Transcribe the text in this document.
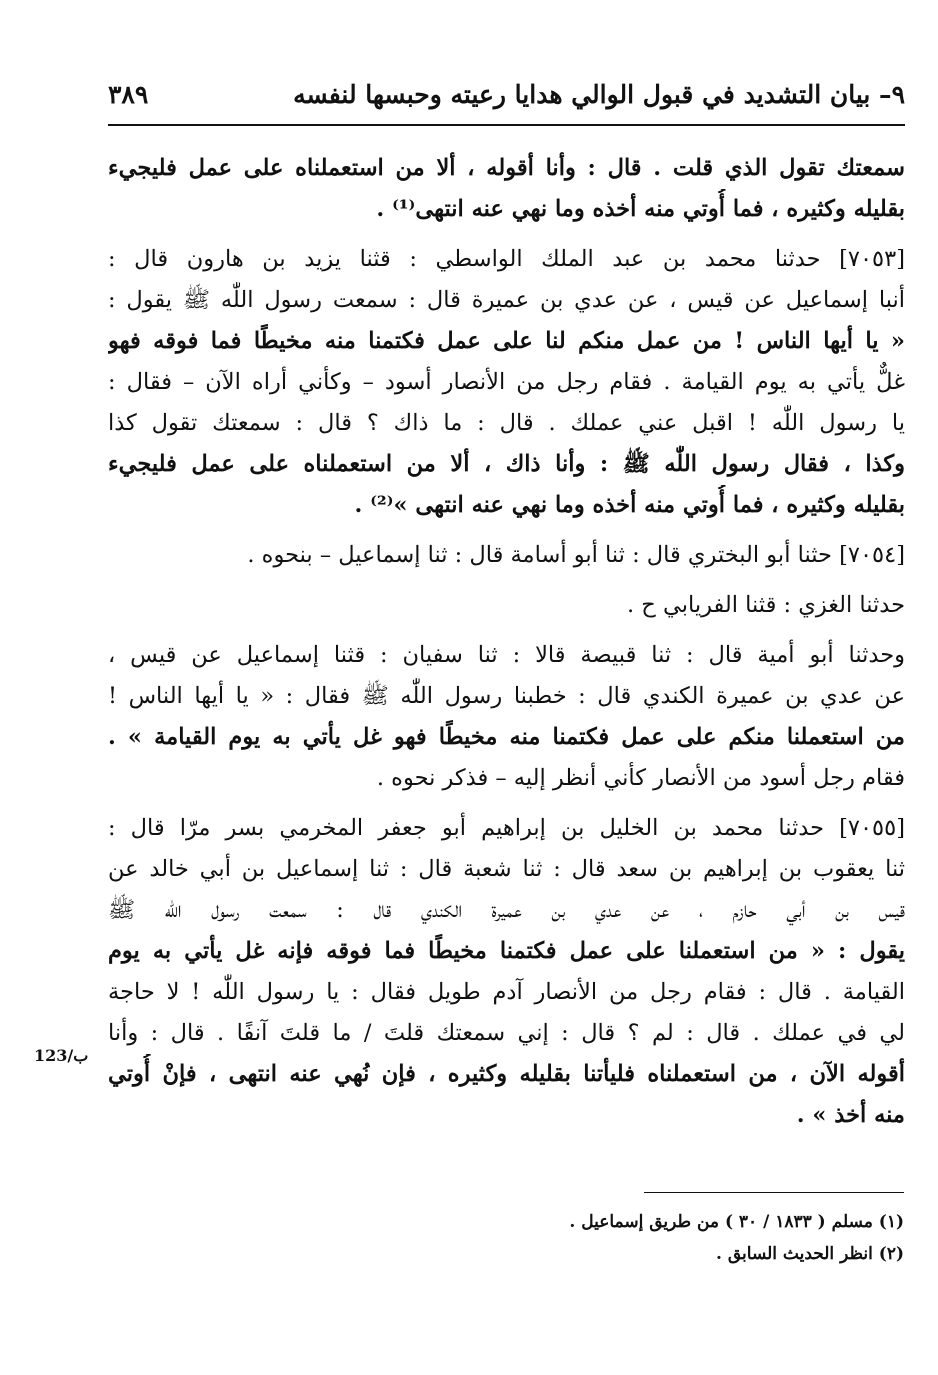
٩– بيان التشديد في قبول الوالي هدايا رعيته وحبسها لنفسه
٣٨٩
سمعتك تقول الذي قلت . قال : وأنا أقوله ، ألا من استعملناه على عمل فليجيء
بقليله وكثيره ، فما أُوتي منه أخذه وما نهي عنه انتهى⁽¹⁾ .
[٧٠٥٣] حدثنا محمد بن عبد الملك الواسطي : قثنا يزيد بن هارون قال :
أنبا إسماعيل عن قيس ، عن عدي بن عميرة قال : سمعت رسول اللّٰه ﷺ يقول :
« يا أيها الناس ! من عمل منكم لنا على عمل فكتمنا منه مخيطًا فما فوقه فهو
غلٌّ يأتي به يوم القيامة . فقام رجل من الأنصار أسود – وكأني أراه الآن – فقال :
يا رسول اللّٰه ! اقبل عني عملك . قال : ما ذاك ؟ قال : سمعتك تقول كذا
وكذا ، فقال رسول اللّٰه ﷺ : وأنا ذاك ، ألا من استعملناه على عمل فليجيء
بقليله وكثيره ، فما أُوتي منه أخذه وما نهي عنه انتهى »⁽²⁾ .
[٧٠٥٤] حثنا أبو البختري قال : ثنا أبو أسامة قال : ثنا إسماعيل – بنحوه .
حدثنا الغزي : قثنا الفريابي ح .
وحدثنا أبو أمية قال : ثنا قبيصة قالا : ثنا سفيان : قثنا إسماعيل عن قيس ،
عن عدي بن عميرة الكندي قال : خطبنا رسول اللّٰه ﷺ فقال : « يا أيها الناس !
من استعملنا منكم على عمل فكتمنا منه مخيطًا فهو غل يأتي به يوم القيامة » .
فقام رجل أسود من الأنصار كأني أنظر إليه – فذكر نحوه .
[٧٠٥٥] حدثنا محمد بن الخليل بن إبراهيم أبو جعفر المخرمي بسر مرّا قال :
ثنا يعقوب بن إبراهيم بن سعد قال : ثنا شعبة قال : ثنا إسماعيل بن أبي خالد عن
قيس بن أبي حازم ، عن عدي بن عميرة الكندي قال : سمعت رسول اللّٰه ﷺ
يقول : « من استعملنا على عمل فكتمنا مخيطًا فما فوقه فإنه غل يأتي به يوم
القيامة . قال : فقام رجل من الأنصار آدم طويل فقال : يا رسول اللّٰه ! لا حاجة
لي في عملك . قال : لم ؟ قال : إني سمعتك قلتَ / ما قلتَ آنفًا . قال : وأنا
أقوله الآن ، من استعملناه فليأتنا بقليله وكثيره ، فإن نُهي عنه انتهى ، فإنْ أُوتي
منه أخذ » .
123/ب
(١) مسلم ( ١٨٣٣ / ٣٠ ) من طريق إسماعيل .
(٢) انظر الحديث السابق .
